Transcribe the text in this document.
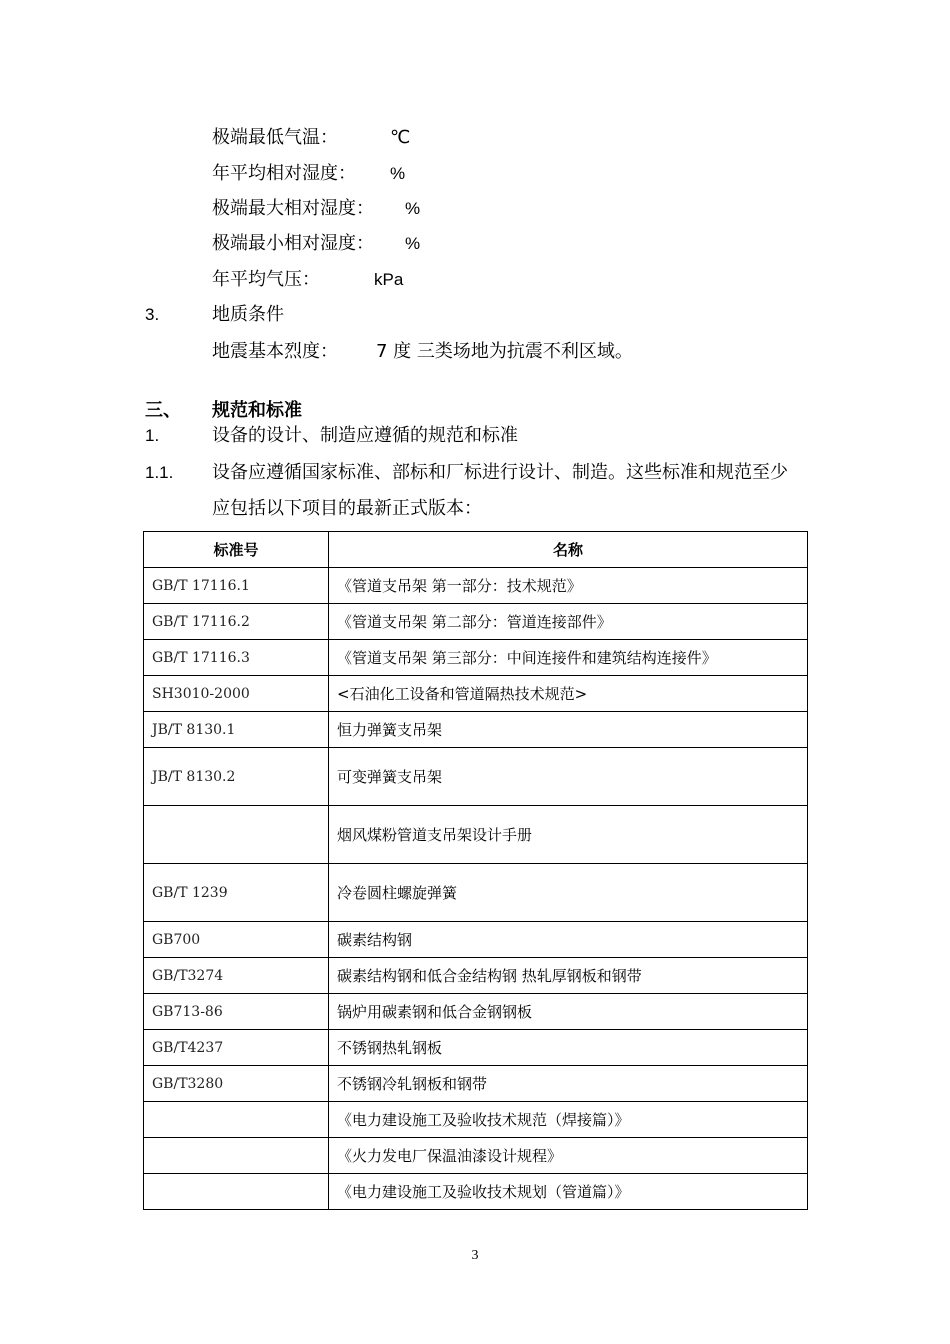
极端最低气温：	℃
年平均相对湿度： %
极端最大相对湿度： %
极端最小相对湿度： %
年平均气压：	kPa
3.	地质条件
地震基本烈度： 7 度 三类场地为抗震不利区域。
三、 规范和标准
1.	设备的设计、制造应遵循的规范和标准
1.1. 设备应遵循国家标准、部标和厂标进行设计、制造。这些标准和规范至少
应包括以下项目的最新正式版本：
标准号	名称
GB/T 17116.1	《管道支吊架 第一部分：技术规范》
GB/T 17116.2	《管道支吊架 第二部分：管道连接部件》
GB/T 17116.3	《管道支吊架 第三部分：中间连接件和建筑结构连接件》
SH3010-2000	<石油化工设备和管道隔热技术规范>
JB/T 8130.1	恒力弹簧支吊架
JB/T 8130.2	可变弹簧支吊架
	烟风煤粉管道支吊架设计手册
GB/T 1239	冷卷圆柱螺旋弹簧
GB700	碳素结构钢
GB/T3274	碳素结构钢和低合金结构钢 热轧厚钢板和钢带
GB713-86	锅炉用碳素钢和低合金钢钢板
GB/T4237	不锈钢热轧钢板
GB/T3280	不锈钢冷轧钢板和钢带
	《电力建设施工及验收技术规范（焊接篇）》
	《火力发电厂保温油漆设计规程》
	《电力建设施工及验收技术规划（管道篇）》
3
